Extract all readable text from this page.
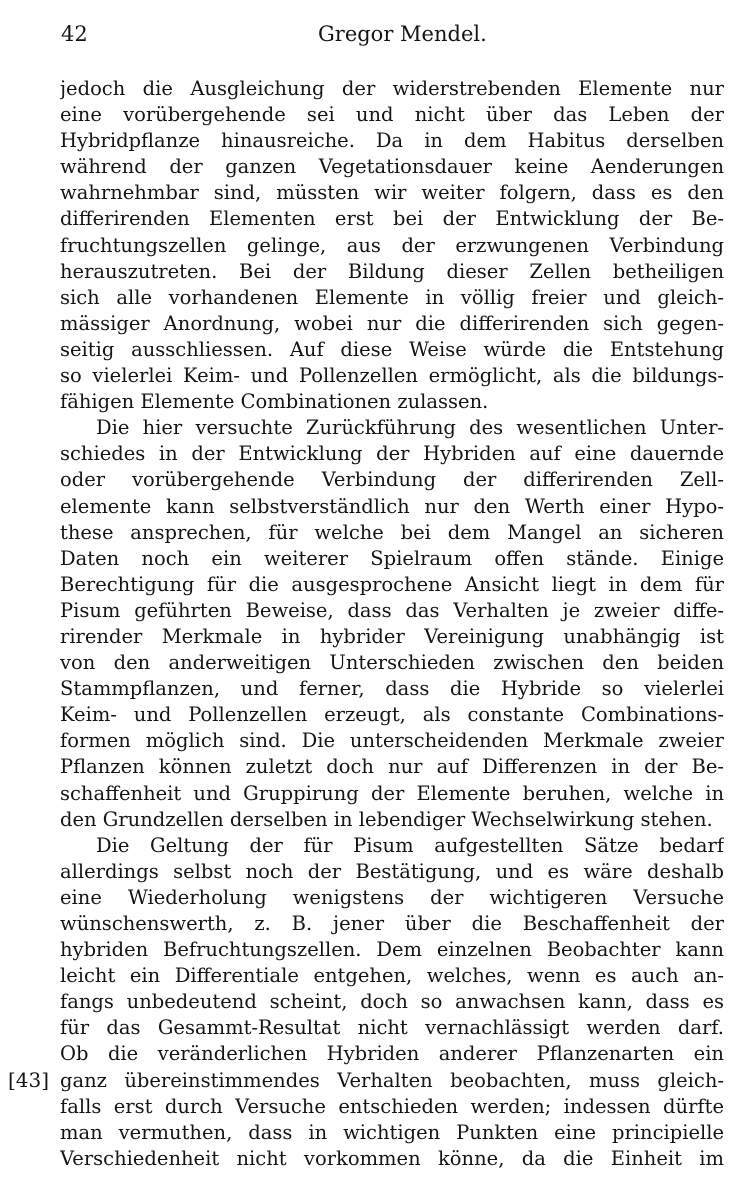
42	Gregor Mendel.
[43]
jedoch die Ausgleichung der widerstrebenden Elemente nur
eine vorübergehende sei und nicht über das Leben der
Hybridpflanze hinausreiche. Da in dem Habitus derselben
während der ganzen Vegetationsdauer keine Aenderungen
wahrnehmbar sind, müssten wir weiter folgern, dass es den
differirenden Elementen erst bei der Entwicklung der Be-
fruchtungszellen gelinge, aus der erzwungenen Verbindung
herauszutreten. Bei der Bildung dieser Zellen betheiligen
sich alle vorhandenen Elemente in völlig freier und gleich-
mässiger Anordnung, wobei nur die differirenden sich gegen-
seitig ausschliessen. Auf diese Weise würde die Entstehung
so vielerlei Keim- und Pollenzellen ermöglicht, als die bildungs-
fähigen Elemente Combinationen zulassen.
Die hier versuchte Zurückführung des wesentlichen Unter-
schiedes in der Entwicklung der Hybriden auf eine dauernde
oder vorübergehende Verbindung der differirenden Zell-
elemente kann selbstverständlich nur den Werth einer Hypo-
these ansprechen, für welche bei dem Mangel an sicheren
Daten noch ein weiterer Spielraum offen stände. Einige
Berechtigung für die ausgesprochene Ansicht liegt in dem für
Pisum geführten Beweise, dass das Verhalten je zweier diffe-
rirender Merkmale in hybrider Vereinigung unabhängig ist
von den anderweitigen Unterschieden zwischen den beiden
Stammpflanzen, und ferner, dass die Hybride so vielerlei
Keim- und Pollenzellen erzeugt, als constante Combinations-
formen möglich sind. Die unterscheidenden Merkmale zweier
Pflanzen können zuletzt doch nur auf Differenzen in der Be-
schaffenheit und Gruppirung der Elemente beruhen, welche in
den Grundzellen derselben in lebendiger Wechselwirkung stehen.
Die Geltung der für Pisum aufgestellten Sätze bedarf
allerdings selbst noch der Bestätigung, und es wäre deshalb
eine Wiederholung wenigstens der wichtigeren Versuche
wünschenswerth, z. B. jener über die Beschaffenheit der
hybriden Befruchtungszellen. Dem einzelnen Beobachter kann
leicht ein Differentiale entgehen, welches, wenn es auch an-
fangs unbedeutend scheint, doch so anwachsen kann, dass es
für das Gesammt-Resultat nicht vernachlässigt werden darf.
Ob die veränderlichen Hybriden anderer Pflanzenarten ein
ganz übereinstimmendes Verhalten beobachten, muss gleich-
falls erst durch Versuche entschieden werden; indessen dürfte
man vermuthen, dass in wichtigen Punkten eine principielle
Verschiedenheit nicht vorkommen könne, da die Einheit im
